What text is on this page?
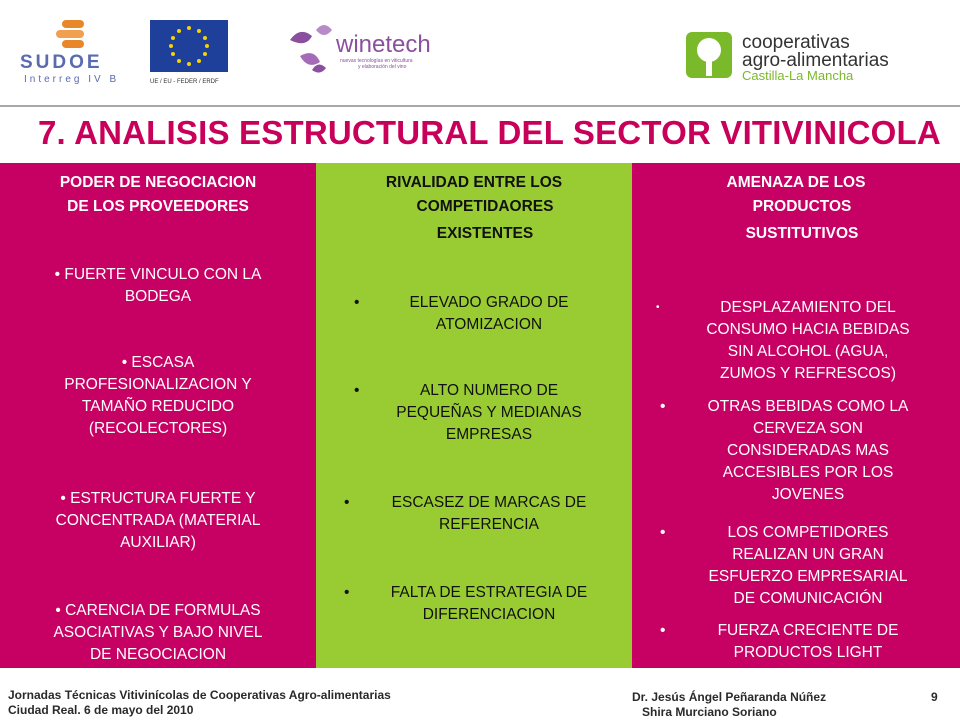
SUDOE
Interreg IV B	UE / EU - FEDER / ERDF
winetech
nuevas tecnologías en viticultura
y elaboración del vino
cooperativas
agro-alimentarias
Castilla-La Mancha
7. ANALISIS ESTRUCTURAL DEL SECTOR VITIVINICOLA
PODER DE NEGOCIACION
DE LOS PROVEEDORES
• FUERTE VINCULO CON LA
BODEGA
• ESCASA
PROFESIONALIZACION Y
TAMAÑO REDUCIDO
(RECOLECTORES)
• ESTRUCTURA FUERTE Y
CONCENTRADA (MATERIAL
AUXILIAR)
• CARENCIA DE FORMULAS
ASOCIATIVAS Y BAJO NIVEL
DE NEGOCIACION
RIVALIDAD ENTRE LOS
COMPETIDAORES
EXISTENTES
•	ELEVADO GRADO DE
ATOMIZACION
•	ALTO NUMERO DE
PEQUEÑAS Y MEDIANAS
EMPRESAS
•	ESCASEZ DE MARCAS DE
REFERENCIA
•	FALTA DE ESTRATEGIA DE
DIFERENCIACION
AMENAZA DE LOS
PRODUCTOS
SUSTITUTIVOS
•	DESPLAZAMIENTO DEL
CONSUMO HACIA BEBIDAS
SIN ALCOHOL (AGUA,
ZUMOS Y REFRESCOS)
•	OTRAS BEBIDAS COMO LA
CERVEZA SON
CONSIDERADAS MAS
ACCESIBLES POR LOS
JOVENES
•	LOS COMPETIDORES
REALIZAN UN GRAN
ESFUERZO EMPRESARIAL
DE COMUNICACIÓN
•	FUERZA CRECIENTE DE
PRODUCTOS LIGHT
Jornadas Técnicas Vitivinícolas de Cooperativas Agro-alimentarias
Ciudad Real. 6 de mayo del 2010
Dr. Jesús Ángel Peñaranda Núñez
Shira Murciano Soriano
9
